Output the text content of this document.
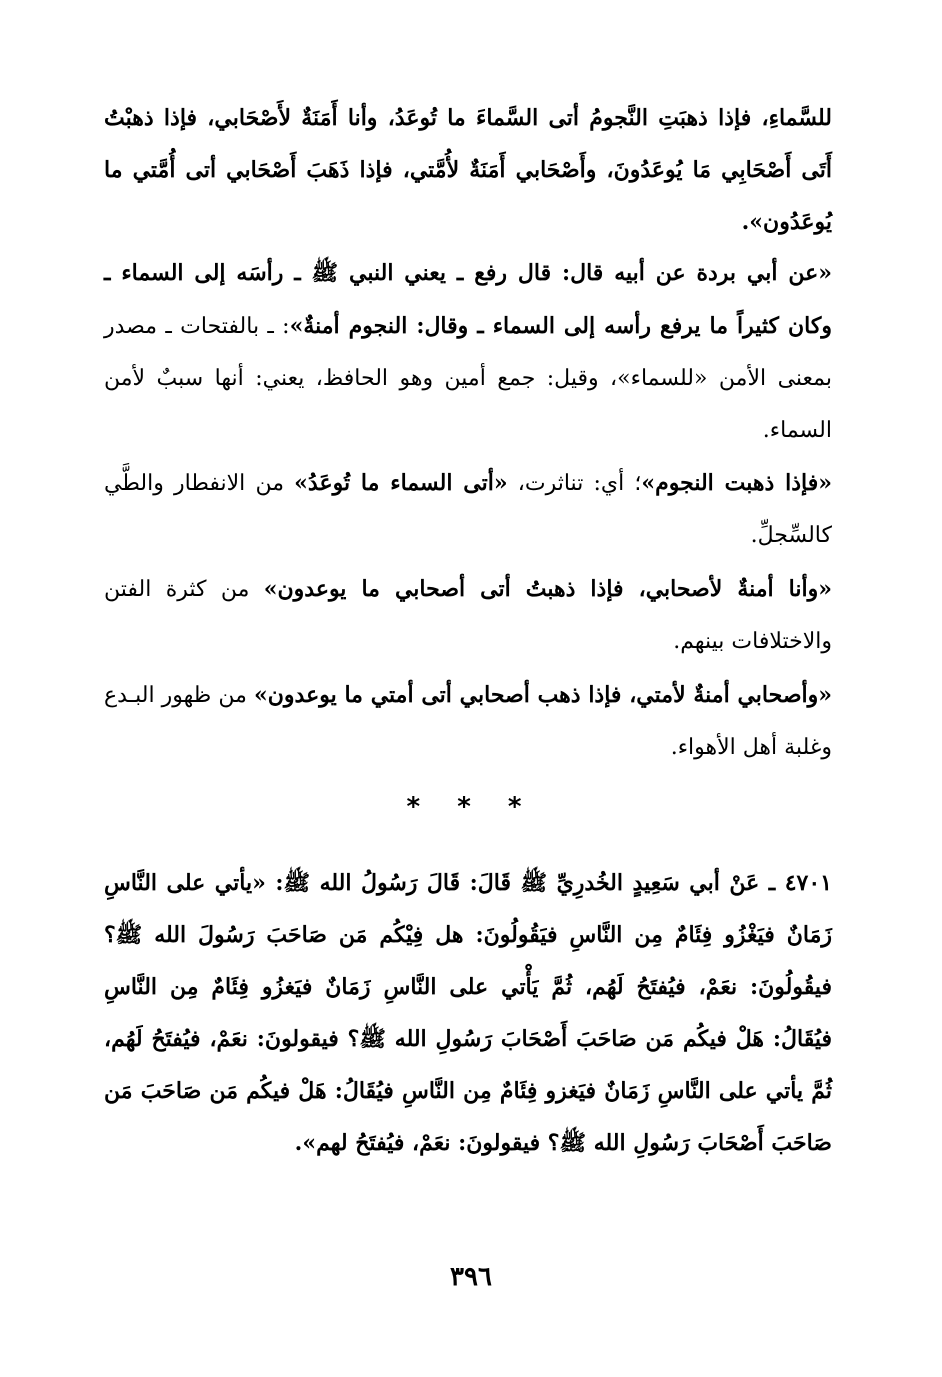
للسَّماءِ، فإذا ذهبَتِ النَّجومُ أتى السَّماءَ ما تُوعَدُ، وأنا أَمَنَةٌ لأَصْحَابي، فإذا ذهبْتُ أَتَى أَصْحَابِي مَا يُوعَدُونَ، وأَصْحَابي أَمَنَةٌ لأُمَّتي، فإذا ذَهَبَ أَصْحَابي أتى أُمَّتي ما يُوعَدُون».

«عن أبي بردة عن أبيه قال: قال رفع ـ يعني النبي ﷺ ـ رأسَه إلى السماء ـ وكان كثيراً ما يرفع رأسه إلى السماء ـ وقال: النجوم أمنةٌ»: ـ بالفتحات ـ مصدر بمعنى الأمن «للسماء»، وقيل: جمع أمين وهو الحافظ، يعني: أنها سببٌ لأمن السماء.

«فإذا ذهبت النجوم»؛ أي: تناثرت، «أتى السماء ما تُوعَدُ» من الانفطار والطَّي كالسِّجلِّ.

«وأنا أمنةٌ لأصحابي، فإذا ذهبتُ أتى أصحابي ما يوعدون» من كثرة الفتن والاختلافات بينهم.

«وأصحابي أمنةٌ لأمتي، فإذا ذهب أصحابي أتى أمتي ما يوعدون» من ظهور البـدع وغلبة أهل الأهواء.

* * *

٤٧٠١ ـ عَنْ أبي سَعِيدٍ الخُدرِيِّ ﷺ قَالَ: قَالَ رَسُولُ الله ﷺ: «يأتي على النَّاسِ زَمَانٌ فيَغْزُو فِئَامٌ مِن النَّاسِ فيَقُولُونَ: هل فِيْكُم مَن صَاحَبَ رَسُولَ الله ﷺ؟ فيقُولُونَ: نعَمْ، فيُفتَحُ لَهُم، ثُمَّ يَأْتي على النَّاسِ زَمَانٌ فيَغزُو فِئَامٌ مِن النَّاسِ فيُقَالُ: هَلْ فيكُم مَن صَاحَبَ أَصْحَابَ رَسُولِ الله ﷺ؟ فيقولونَ: نعَمْ، فيُفتَحُ لَهُم، ثُمَّ يأتي على النَّاسِ زَمَانٌ فيَغزو فِئَامٌ مِن النَّاسِ فيُقَالُ: هَلْ فيكُم مَن صَاحَبَ مَن صَاحَبَ أَصْحَابَ رَسُولِ الله ﷺ؟ فيقولونَ: نعَمْ، فيُفتَحُ لهم».

٣٩٦
